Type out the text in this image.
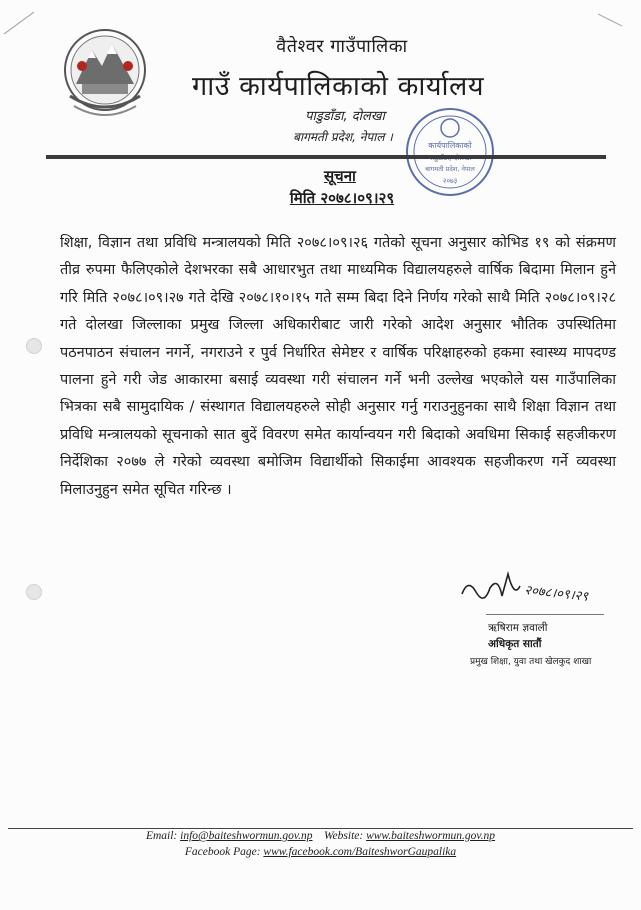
वैतेश्वर गाउँपालिका
गाउँ कार्यपालिकाको कार्यालय
पाडुडाँडा, दोलखा
बागमती प्रदेश, नेपाल ।
कार्यपालिकाको
बागमती प्रदेश, नेपाल
२०७३
सूचना
मिति २०७८।०९।२९
शिक्षा, विज्ञान तथा प्रविधि मन्त्रालयको मिति २०७८।०९।२६ गतेको सूचना अनुसार कोभिड १९ को संक्रमण तीव्र रुपमा फैलिएकोले देशभरका सबै आधारभुत तथा माध्यमिक विद्यालयहरुले वार्षिक बिदामा मिलान हुने गरि मिति २०७८।०९।२७ गते देखि २०७८।१०।१५ गते सम्म बिदा दिने निर्णय गरेको साथै मिति २०७८।०९।२८ गते दोलखा जिल्लाका प्रमुख जिल्ला अधिकारीबाट जारी गरेको आदेश अनुसार भौतिक उपस्थितिमा पठनपाठन संचालन नगर्ने, नगराउने र पुर्व निर्धारित सेमेष्टर र वार्षिक परिक्षाहरुको हकमा स्वास्थ्य मापदण्ड पालना हुने गरी जेड आकारमा बसाई व्यवस्था गरी संचालन गर्ने भनी उल्लेख भएकोले यस गाउँपालिका भित्रका सबै सामुदायिक / संस्थागत विद्यालयहरुले सोही अनुसार गर्नु गराउनुहुनका साथै शिक्षा विज्ञान तथा प्रविधि मन्त्रालयको सूचनाको सात बुदें विवरण समेत कार्यान्वयन गरी बिदाको अवधिमा सिकाई सहजीकरण निर्देशिका २०७७ ले गरेको व्यवस्था बमोजिम विद्यार्थीको सिकाईमा आवश्यक सहजीकरण गर्ने व्यवस्था मिलाउनुहुन समेत सूचित गरिन्छ ।
२०७८।०९।२९
ऋषिराम ज्ञवाली
अधिकृत सातौं
प्रमुख शिक्षा, युवा तथा खेलकुद शाखा
Email: info@baiteshwormun.gov.np Website: www.baiteshwormun.gov.np
Facebook Page: www.facebook.com/BaiteshworGaupalika
